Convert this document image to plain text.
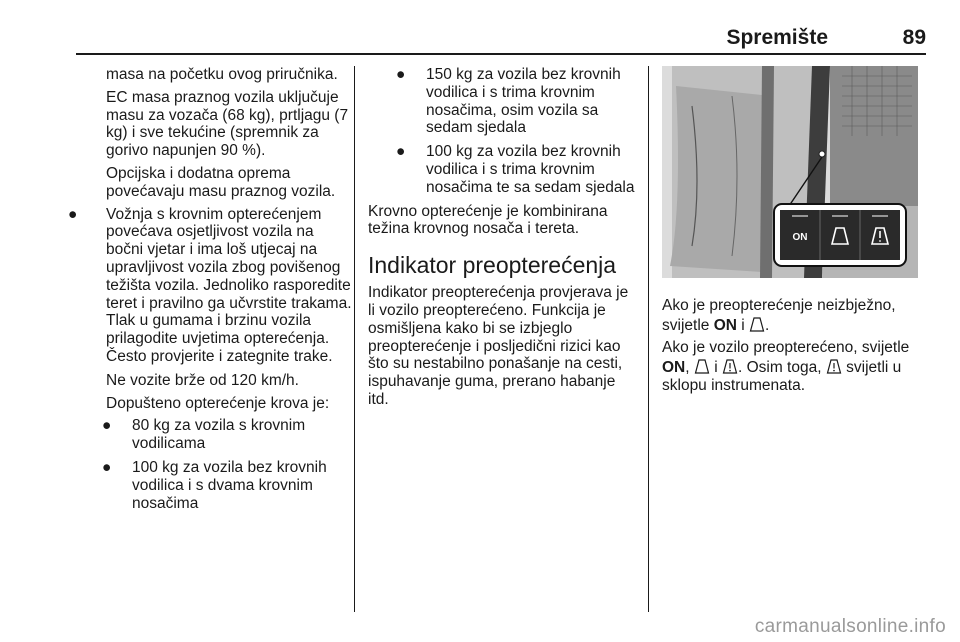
Spremište	89

masa na početku ovog priručnika.

EC masa praznog vozila uključuje masu za vozača (68 kg), prtljagu (7 kg) i sve tekućine (spremnik za gorivo napunjen 90 %).

Opcijska i dodatna oprema povećavaju masu praznog vozila.

● Vožnja s krovnim opterećenjem povećava osjetljivost vozila na bočni vjetar i ima loš utjecaj na upravljivost vozila zbog povišenog težišta vozila. Jednoliko rasporedite teret i pravilno ga učvrstite trakama. Tlak u gumama i brzinu vozila prilagodite uvjetima opterećenja. Često provjerite i zategnite trake.

Ne vozite brže od 120 km/h.

Dopušteno opterećenje krova je:

● 80 kg za vozila s krovnim vodilicama
● 100 kg za vozila bez krovnih vodilica i s dvama krovnim nosačima
● 150 kg za vozila bez krovnih vodilica i s trima krovnim nosačima, osim vozila sa sedam sjedala
● 100 kg za vozila bez krovnih vodilica i s trima krovnim nosačima te sa sedam sjedala

Krovno opterećenje je kombinirana težina krovnog nosača i tereta.

Indikator preopterećenja

Indikator preopterećenja provjerava je li vozilo preopterećeno. Funkcija je osmišljena kako bi se izbjeglo preopterećenje i posljedični rizici kao što su nestabilno ponašanje na cesti, ispuhavanje guma, prerano habanje itd.

ON

Ako je preopterećenje neizbježno, svijetle ON i .

Ako je vozilo preopterećeno, svijetle ON, i . Osim toga, svijetli u sklopu instrumenata.

carmanualsonline.info
